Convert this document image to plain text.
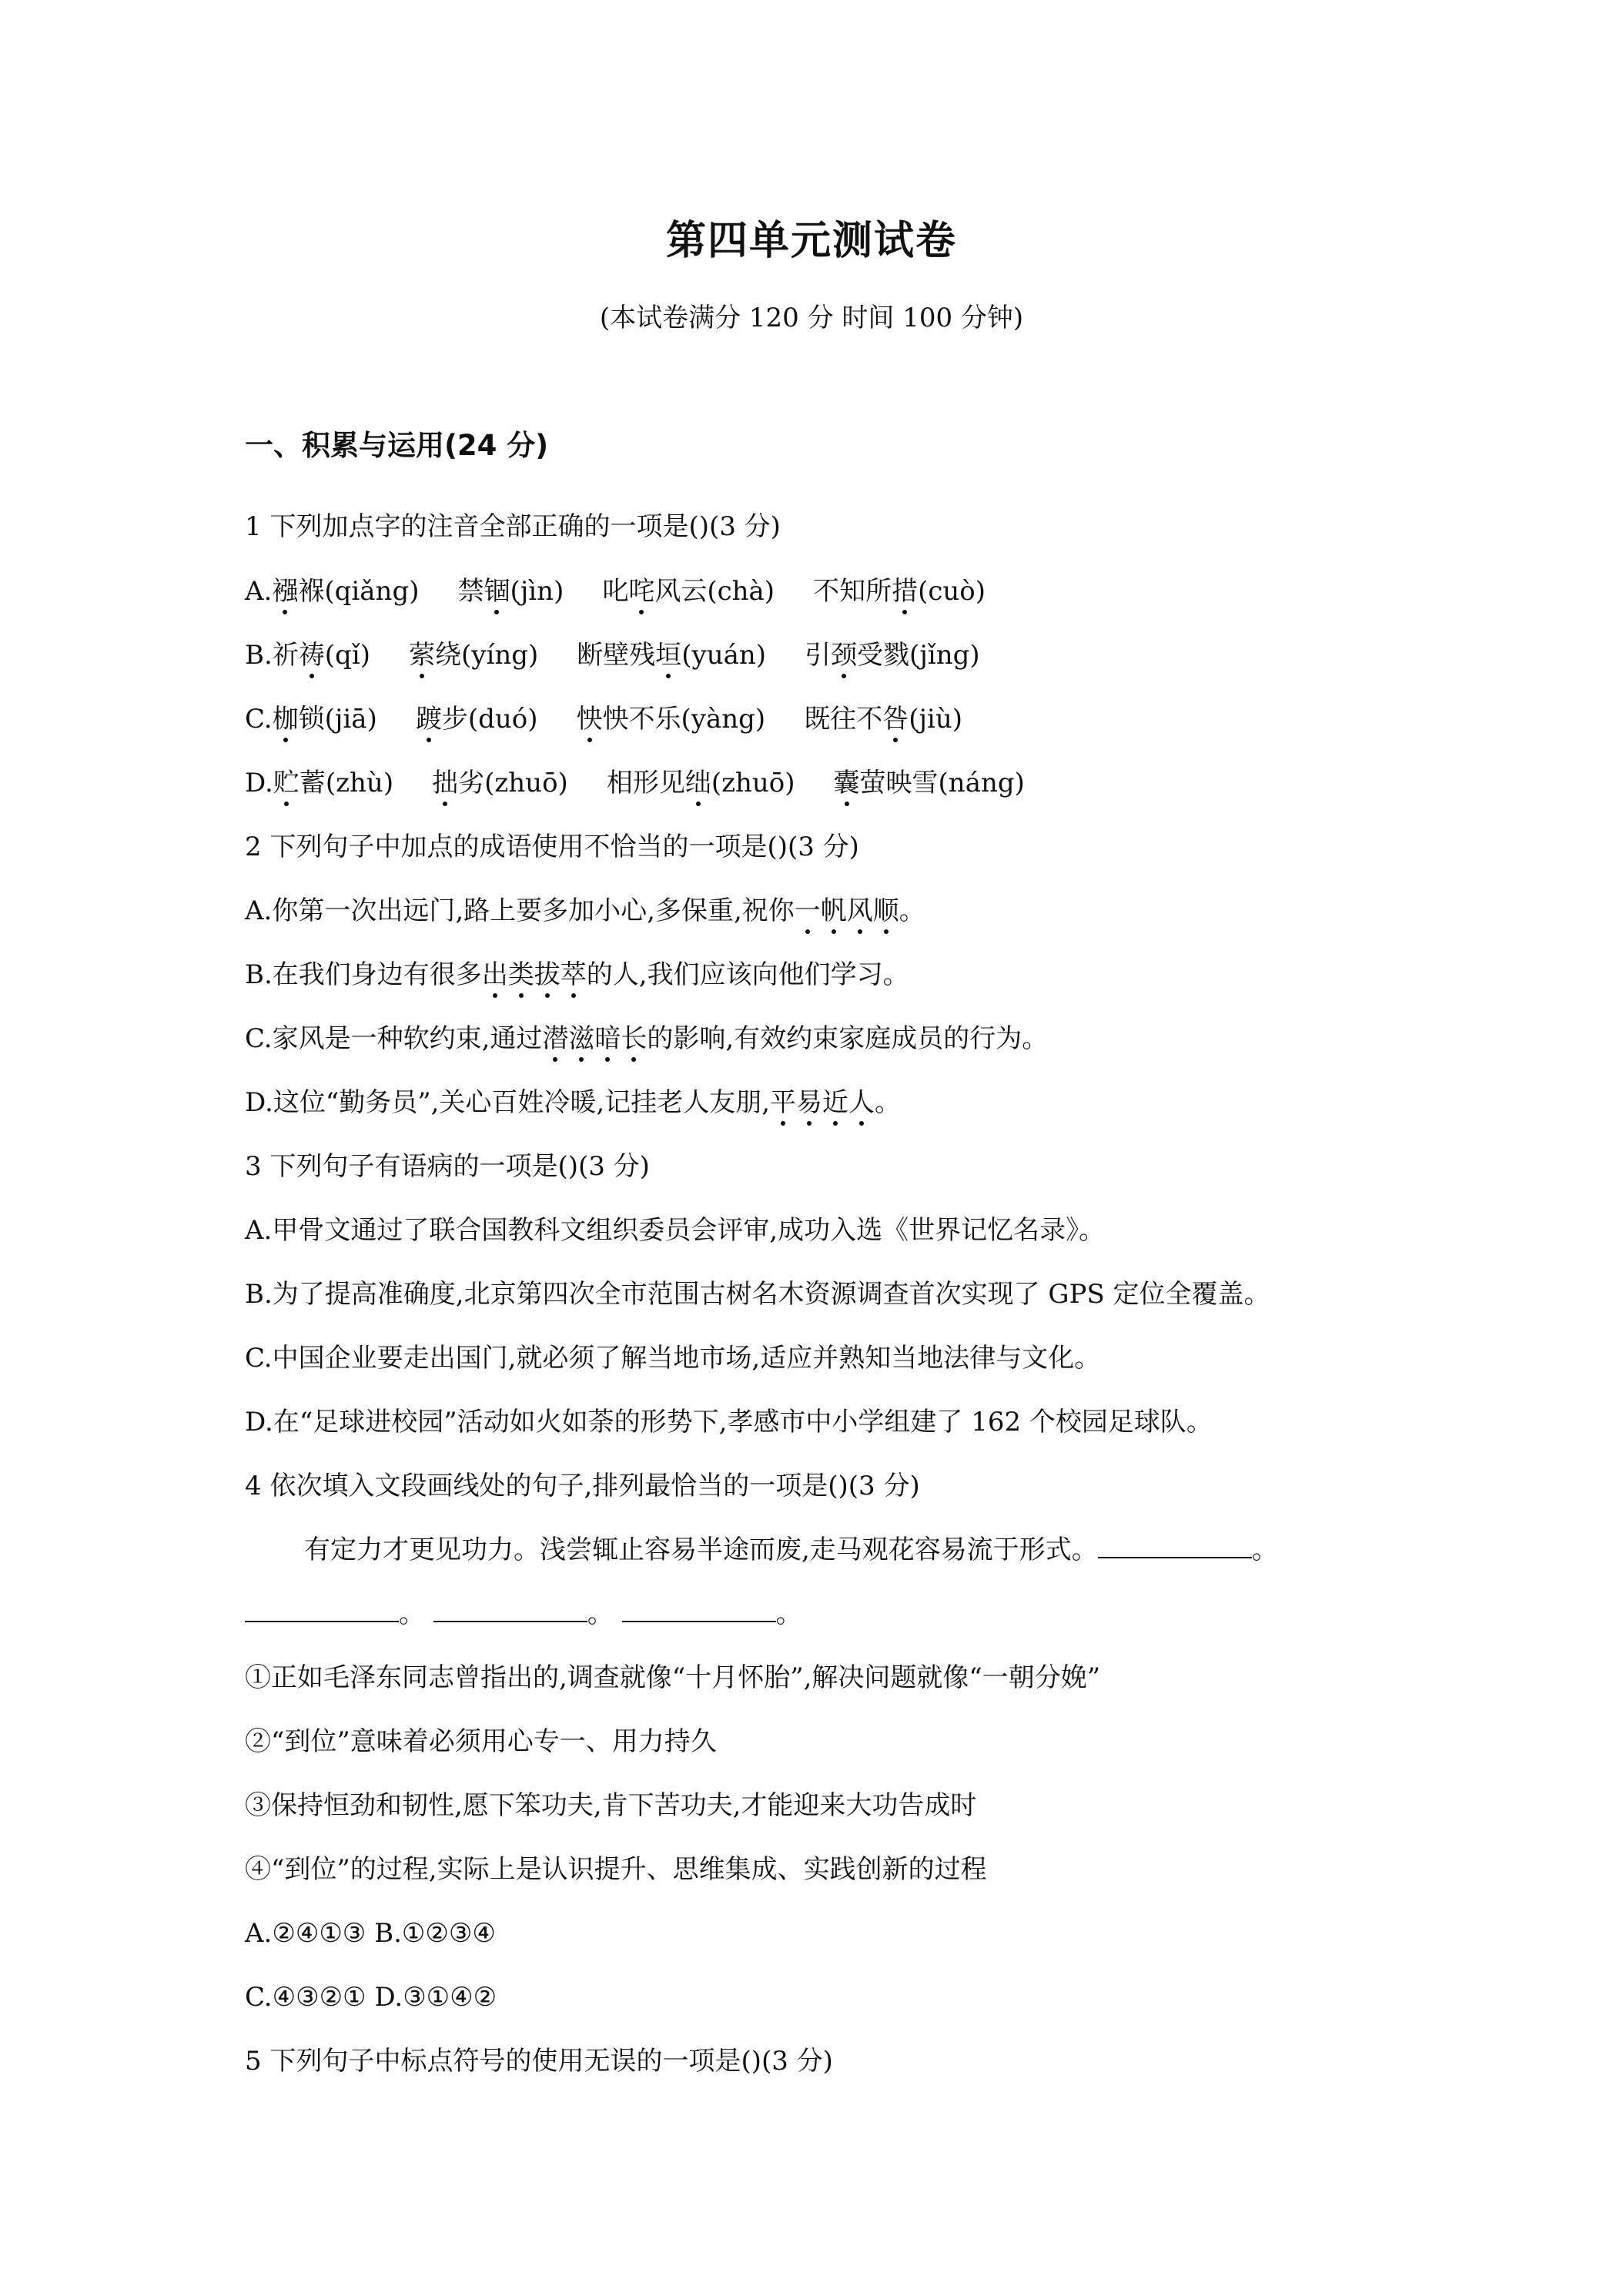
第四单元测试卷
(本试卷满分 120 分 时间 100 分钟)
一、积累与运用(24 分)
1 下列加点字的注音全部正确的一项是()(3 分)
A.襁褓(qiǎng) 禁锢(jìn) 叱咤风云(chà) 不知所措(cuò)
B.祈祷(qǐ) 萦绕(yíng) 断壁残垣(yuán) 引颈受戮(jǐng)
C.枷锁(jiā) 踱步(duó) 怏怏不乐(yàng) 既往不咎(jiù)
D.贮蓄(zhù) 拙劣(zhuō) 相形见绌(zhuō) 囊萤映雪(náng)
2 下列句子中加点的成语使用不恰当的一项是()(3 分)
A.你第一次出远门,路上要多加小心,多保重,祝你一帆风顺。
B.在我们身边有很多出类拔萃的人,我们应该向他们学习。
C.家风是一种软约束,通过潜滋暗长的影响,有效约束家庭成员的行为。
D.这位“勤务员”,关心百姓冷暖,记挂老人友朋,平易近人。
3 下列句子有语病的一项是()(3 分)
A.甲骨文通过了联合国教科文组织委员会评审,成功入选《世界记忆名录》。
B.为了提高准确度,北京第四次全市范围古树名木资源调查首次实现了 GPS 定位全覆盖。
C.中国企业要走出国门,就必须了解当地市场,适应并熟知当地法律与文化。
D.在“足球进校园”活动如火如荼的形势下,孝感市中小学组建了 162 个校园足球队。
4 依次填入文段画线处的句子,排列最恰当的一项是()(3 分)
有定力才更见功力。浅尝辄止容易半途而废,走马观花容易流于形式。	。
。	。	。
①正如毛泽东同志曾指出的,调查就像“十月怀胎”,解决问题就像“一朝分娩”
②“到位”意味着必须用心专一、用力持久
③保持恒劲和韧性,愿下笨功夫,肯下苦功夫,才能迎来大功告成时
④“到位”的过程,实际上是认识提升、思维集成、实践创新的过程
A.②④①③ B.①②③④
C.④③②① D.③①④②
5 下列句子中标点符号的使用无误的一项是()(3 分)
